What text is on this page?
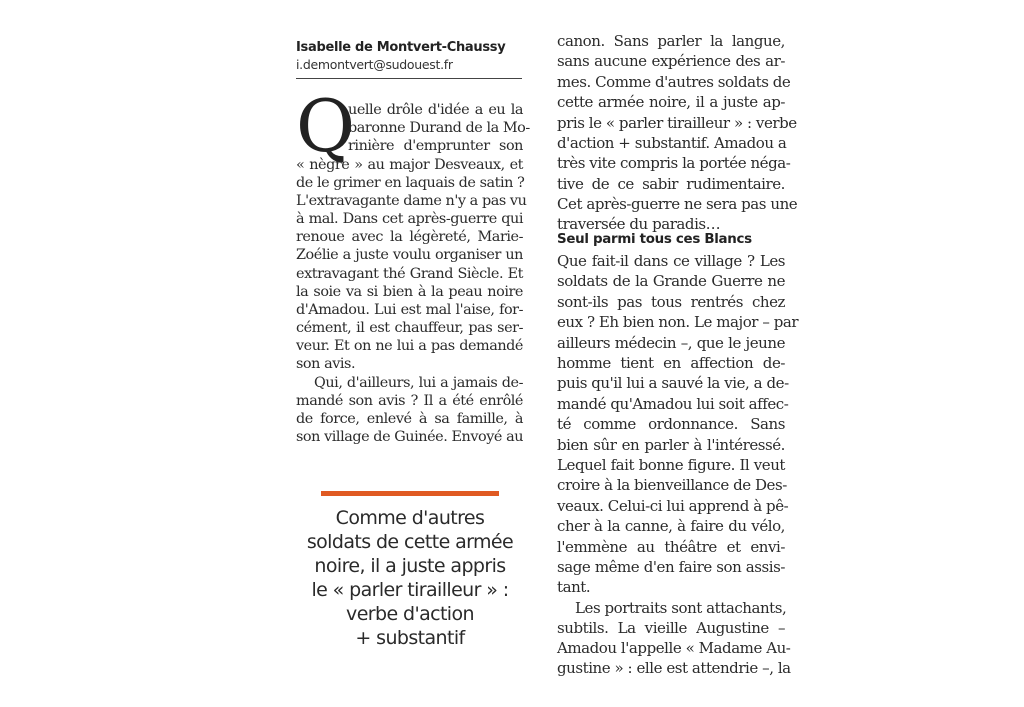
Isabelle de Montvert-Chaussy
i.demontvert@sudouest.fr
Q
uelle drôle d'idée a eu la
baronne Durand de la Mo-
rinière d'emprunter son
« nègre » au major Desveaux, et
de le grimer en laquais de satin ?
L'extravagante dame n'y a pas vu
à mal. Dans cet après-guerre qui
renoue avec la légèreté, Marie-
Zoélie a juste voulu organiser un
extravagant thé Grand Siècle. Et
la soie va si bien à la peau noire
d'Amadou. Lui est mal l'aise, for-
cément, il est chauffeur, pas ser-
veur. Et on ne lui a pas demandé
son avis.
Qui, d'ailleurs, lui a jamais de-
mandé son avis ? Il a été enrôlé
de force, enlevé à sa famille, à
son village de Guinée. Envoyé au
Comme d'autres
soldats de cette armée
noire, il a juste appris
le « parler tirailleur » :
verbe d'action
+ substantif
canon. Sans parler la langue,
sans aucune expérience des ar-
mes. Comme d'autres soldats de
cette armée noire, il a juste ap-
pris le « parler tirailleur » : verbe
d'action + substantif. Amadou a
très vite compris la portée néga-
tive de ce sabir rudimentaire.
Cet après-guerre ne sera pas une
traversée du paradis…
Que fait-il dans ce village ? Les
soldats de la Grande Guerre ne
sont-ils pas tous rentrés chez
eux ? Eh bien non. Le major – par
ailleurs médecin –, que le jeune
homme tient en affection de-
puis qu'il lui a sauvé la vie, a de-
mandé qu'Amadou lui soit affec-
té comme ordonnance. Sans
bien sûr en parler à l'intéressé.
Lequel fait bonne figure. Il veut
croire à la bienveillance de Des-
veaux. Celui-ci lui apprend à pê-
cher à la canne, à faire du vélo,
l'emmène au théâtre et envi-
sage même d'en faire son assis-
tant.
Les portraits sont attachants,
subtils. La vieille Augustine –
Amadou l'appelle « Madame Au-
gustine » : elle est attendrie –, la
Seul parmi tous ces Blancs
